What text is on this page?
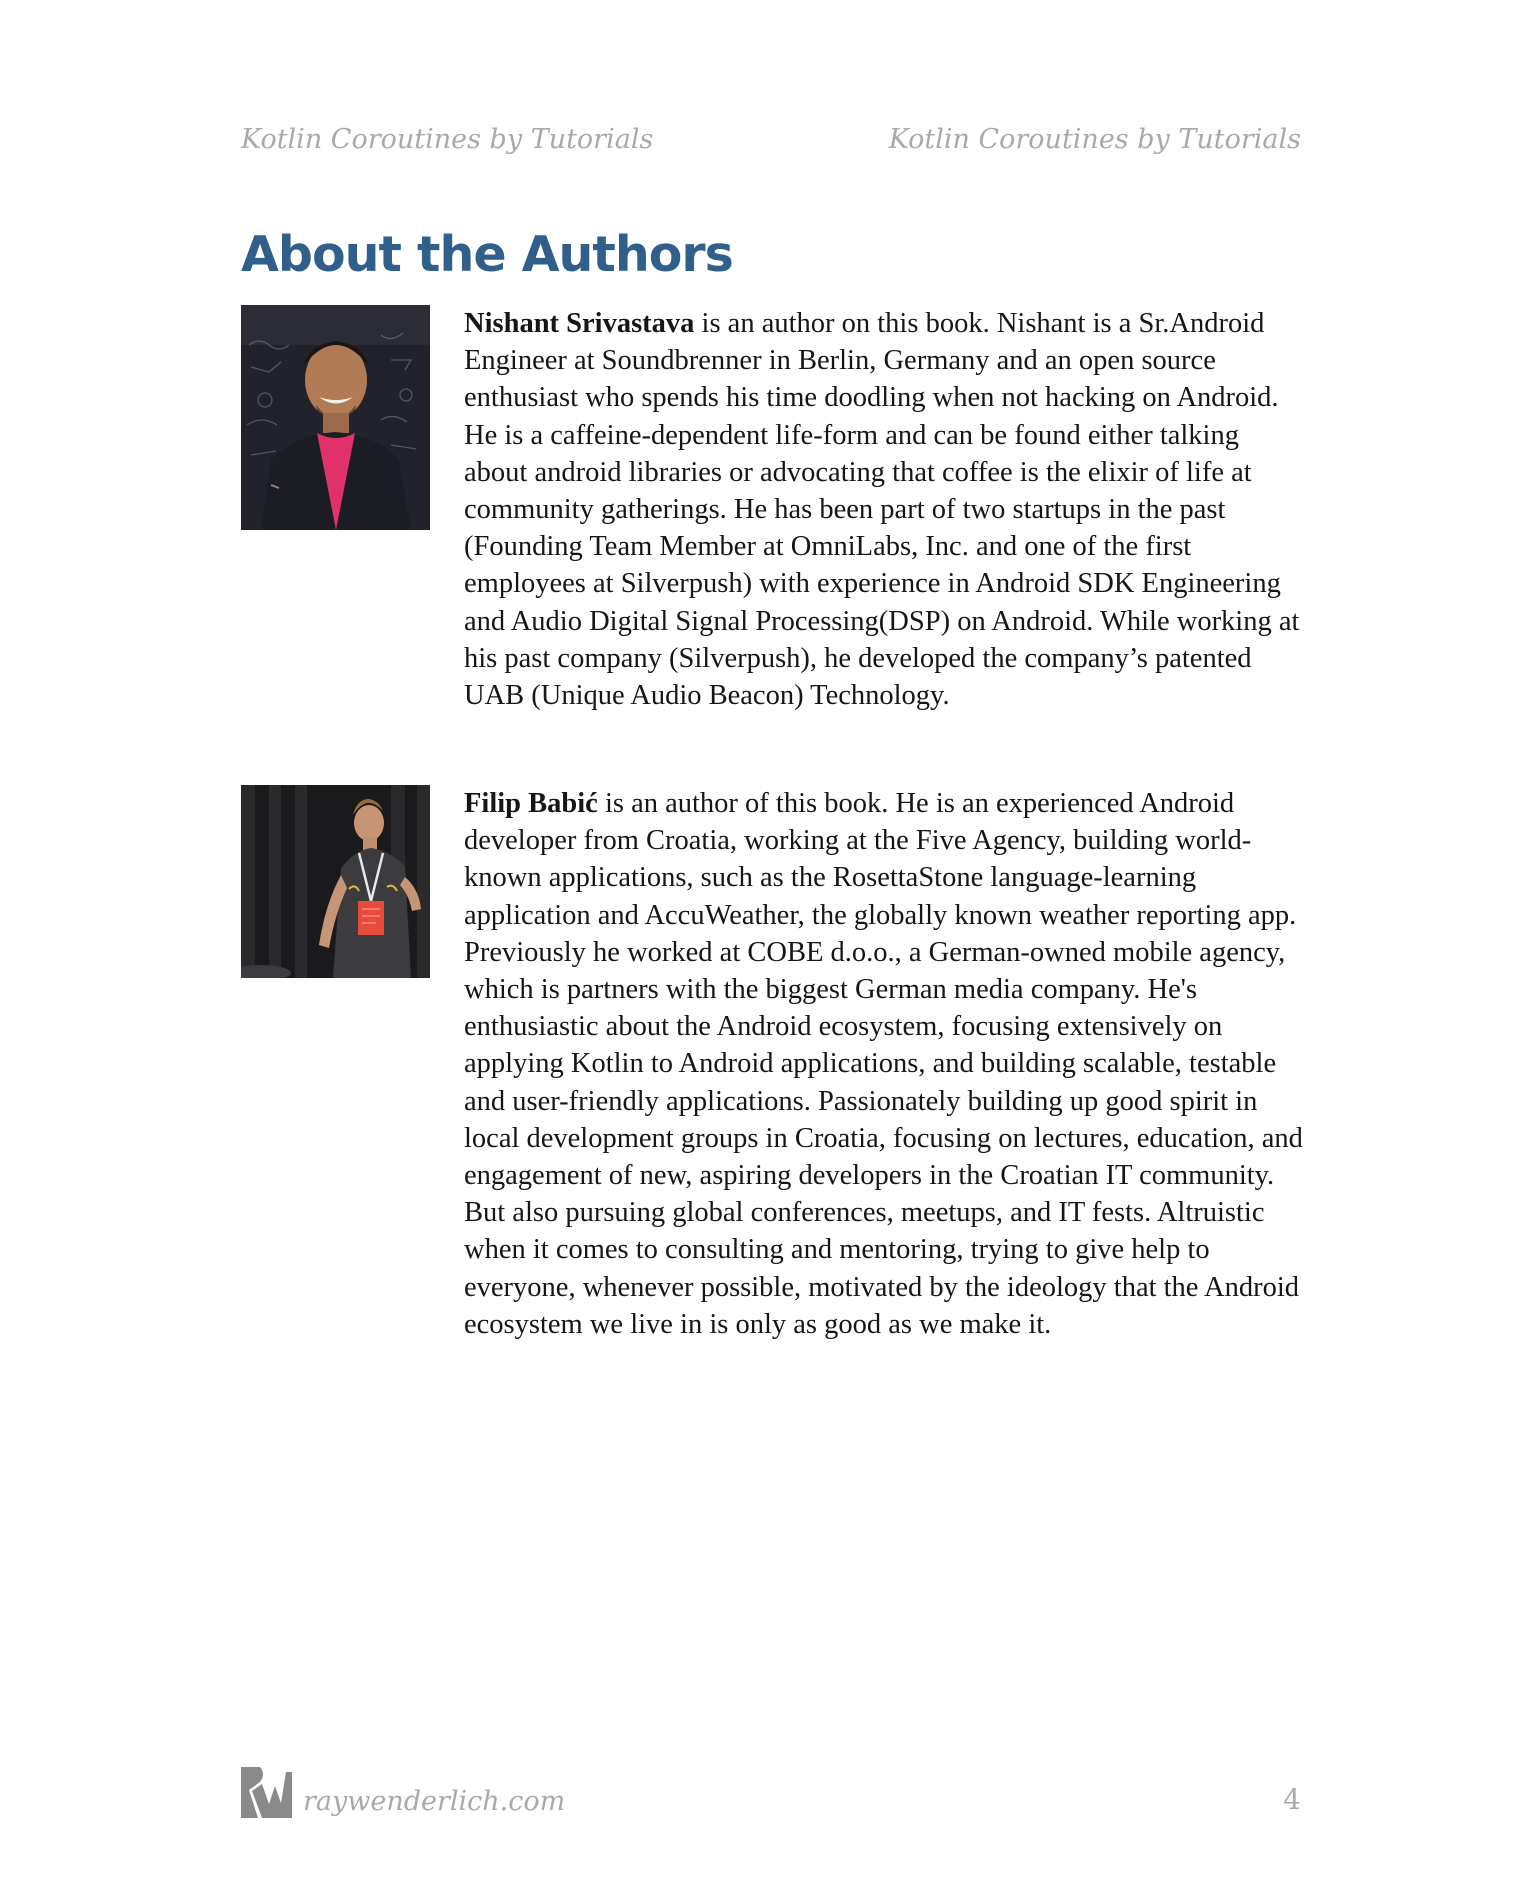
Kotlin Coroutines by Tutorials	Kotlin Coroutines by Tutorials
About the Authors

Nishant Srivastava is an author on this book. Nishant is a Sr.Android Engineer at Soundbrenner in Berlin, Germany and an open source enthusiast who spends his time doodling when not hacking on Android. He is a caffeine-dependent life-form and can be found either talking about android libraries or advocating that coffee is the elixir of life at community gatherings. He has been part of two startups in the past (Founding Team Member at OmniLabs, Inc. and one of the first employees at Silverpush) with experience in Android SDK Engineering and Audio Digital Signal Processing(DSP) on Android. While working at his past company (Silverpush), he developed the company’s patented UAB (Unique Audio Beacon) Technology.

Filip Babić is an author of this book. He is an experienced Android developer from Croatia, working at the Five Agency, building world-known applications, such as the RosettaStone language-learning application and AccuWeather, the globally known weather reporting app. Previously he worked at COBE d.o.o., a German-owned mobile agency, which is partners with the biggest German media company. He's enthusiastic about the Android ecosystem, focusing extensively on applying Kotlin to Android applications, and building scalable, testable and user-friendly applications. Passionately building up good spirit in local development groups in Croatia, focusing on lectures, education, and engagement of new, aspiring developers in the Croatian IT community. But also pursuing global conferences, meetups, and IT fests. Altruistic when it comes to consulting and mentoring, trying to give help to everyone, whenever possible, motivated by the ideology that the Android ecosystem we live in is only as good as we make it.

raywenderlich.com	4
